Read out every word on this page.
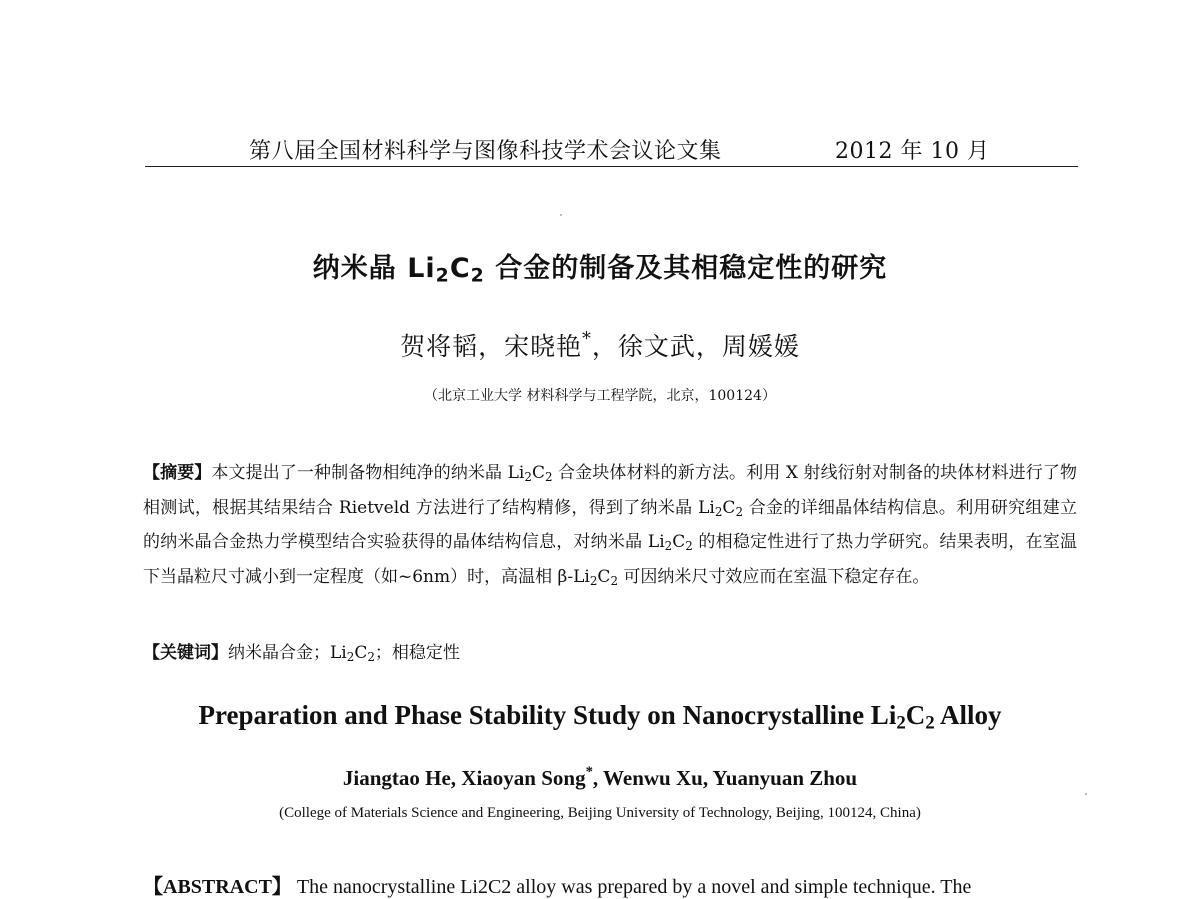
第八届全国材料科学与图像科技学术会议论文集	2012 年 10 月
纳米晶 $Li_2C_2$ 合金的制备及其相稳定性的研究
贺将韬，宋晓艳*，徐文武，周媛媛
（北京工业大学 材料科学与工程学院，北京，100124）
【摘要】本文提出了一种制备物相纯净的纳米晶 $Li_2C_2$ 合金块体材料的新方法。利用 X 射线衍射对制备的块体材料进行了物相测试，根据其结果结合 Rietveld 方法进行了结构精修，得到了纳米晶 $Li_2C_2$ 合金的详细晶体结构信息。利用研究组建立的纳米晶合金热力学模型结合实验获得的晶体结构信息，对纳米晶 $Li_2C_2$ 的相稳定性进行了热力学研究。结果表明，在室温下当晶粒尺寸减小到一定程度（如~6nm）时，高温相 $\beta-Li_2C_2$ 可因纳米尺寸效应而在室温下稳定存在。
【关键词】纳米晶合金；$Li_2C_2$；相稳定性
Preparation and Phase Stability Study on Nanocrystalline $Li_2C_2$ Alloy
Jiangtao He, Xiaoyan Song*, Wenwu Xu, Yuanyuan Zhou
(College of Materials Science and Engineering, Beijing University of Technology, Beijing, 100124, China)
【ABSTRACT】 The nanocrystalline Li2C2 alloy was prepared by a novel and simple technique. The
